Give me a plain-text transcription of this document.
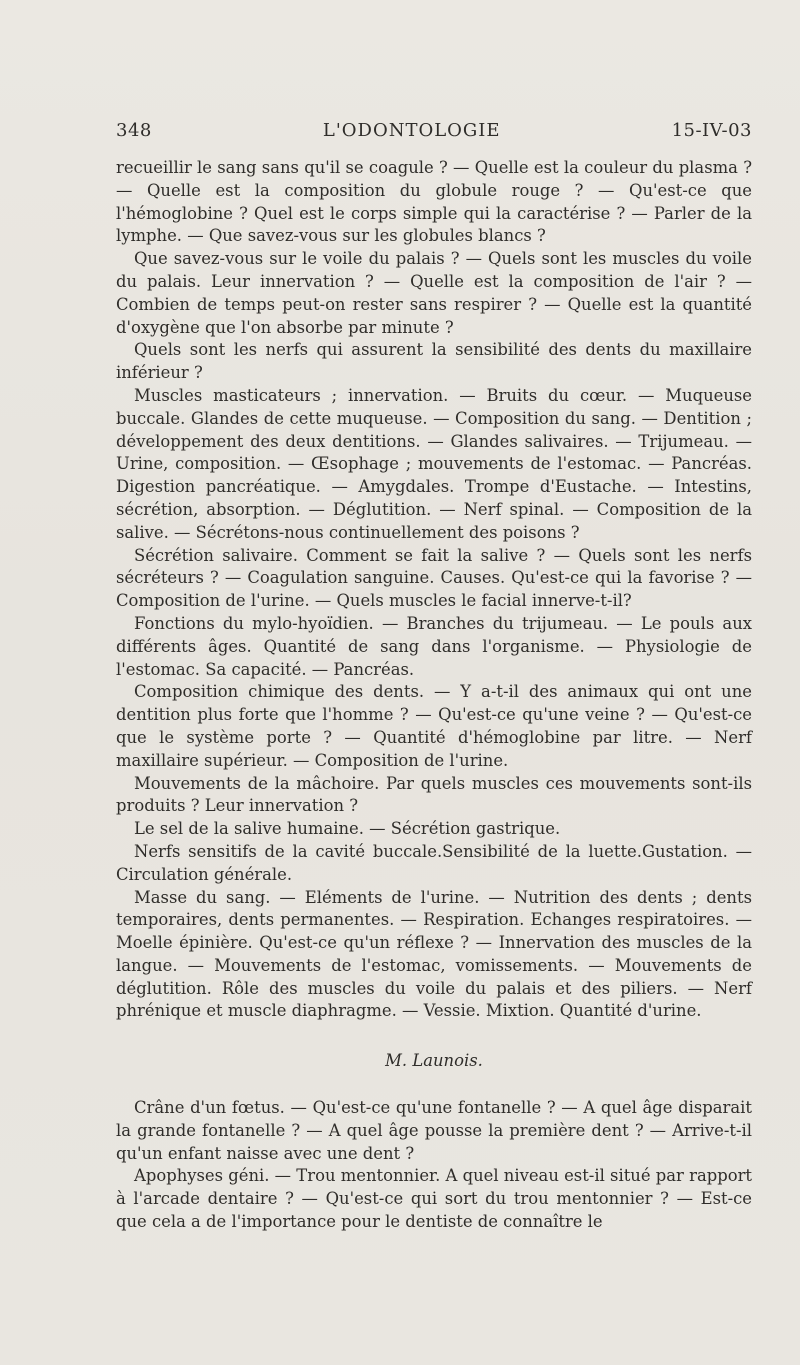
348	L'ODONTOLOGIE	15-IV-03

recueillir le sang sans qu'il se coagule ? — Quelle est la couleur du plasma ? — Quelle est la composition du globule rouge ? — Qu'est-ce que l'hémoglobine ? Quel est le corps simple qui la caractérise ? — Parler de la lymphe. — Que savez-vous sur les globules blancs ?

Que savez-vous sur le voile du palais ? — Quels sont les muscles du voile du palais. Leur innervation ? — Quelle est la composition de l'air ? — Combien de temps peut-on rester sans respirer ? — Quelle est la quantité d'oxygène que l'on absorbe par minute ?

Quels sont les nerfs qui assurent la sensibilité des dents du maxillaire inférieur ?

Muscles masticateurs ; innervation. — Bruits du cœur. — Muqueuse buccale. Glandes de cette muqueuse. — Composition du sang. — Dentition ; développement des deux dentitions. — Glandes salivaires. — Trijumeau. — Urine, composition. — Œsophage ; mouvements de l'estomac. — Pancréas. Digestion pancréatique. — Amygdales. Trompe d'Eustache. — Intestins, sécrétion, absorption. — Déglutition. — Nerf spinal. — Composition de la salive. — Sécrétons-nous continuellement des poisons ?

Sécrétion salivaire. Comment se fait la salive ? — Quels sont les nerfs sécréteurs ? — Coagulation sanguine. Causes. Qu'est-ce qui la favorise ? — Composition de l'urine. — Quels muscles le facial innerve-t-il?

Fonctions du mylo-hyoïdien. — Branches du trijumeau. — Le pouls aux différents âges. Quantité de sang dans l'organisme. — Physiologie de l'estomac. Sa capacité. — Pancréas.

Composition chimique des dents. — Y a-t-il des animaux qui ont une dentition plus forte que l'homme ? — Qu'est-ce qu'une veine ? — Qu'est-ce que le système porte ? — Quantité d'hémoglobine par litre. — Nerf maxillaire supérieur. — Composition de l'urine.

Mouvements de la mâchoire. Par quels muscles ces mouvements sont-ils produits ? Leur innervation ?

Le sel de la salive humaine. — Sécrétion gastrique.

Nerfs sensitifs de la cavité buccale.Sensibilité de la luette.Gustation. — Circulation générale.

Masse du sang. — Eléments de l'urine. — Nutrition des dents ; dents temporaires, dents permanentes. — Respiration. Echanges respiratoires. — Moelle épinière. Qu'est-ce qu'un réflexe ? — Innervation des muscles de la langue. — Mouvements de l'estomac, vomissements. — Mouvements de déglutition. Rôle des muscles du voile du palais et des piliers. — Nerf phrénique et muscle diaphragme. — Vessie. Mixtion. Quantité d'urine.

M. Launois.

Crâne d'un fœtus. — Qu'est-ce qu'une fontanelle ? — A quel âge disparait la grande fontanelle ? — A quel âge pousse la première dent ? — Arrive-t-il qu'un enfant naisse avec une dent ?

Apophyses géni. — Trou mentonnier. A quel niveau est-il situé par rapport à l'arcade dentaire ? — Qu'est-ce qui sort du trou mentonnier ? — Est-ce que cela a de l'importance pour le dentiste de connaître le
